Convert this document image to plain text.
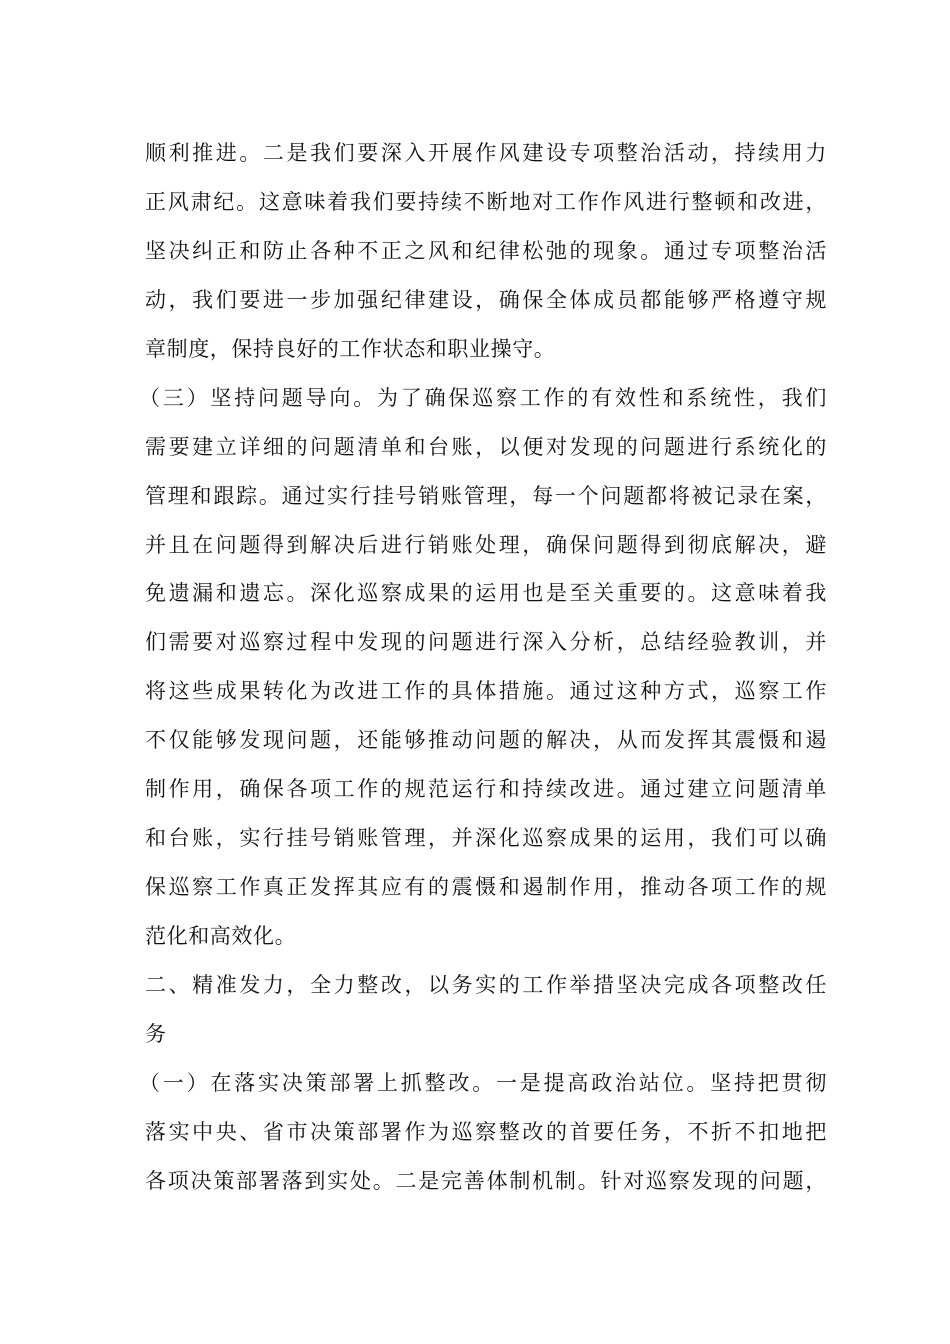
顺利推进。二是我们要深入开展作风建设专项整治活动，持续用力
正风肃纪。这意味着我们要持续不断地对工作作风进行整顿和改进，
坚决纠正和防止各种不正之风和纪律松弛的现象。通过专项整治活
动，我们要进一步加强纪律建设，确保全体成员都能够严格遵守规
章制度，保持良好的工作状态和职业操守。
（三）坚持问题导向。为了确保巡察工作的有效性和系统性，我们
需要建立详细的问题清单和台账，以便对发现的问题进行系统化的
管理和跟踪。通过实行挂号销账管理，每一个问题都将被记录在案，
并且在问题得到解决后进行销账处理，确保问题得到彻底解决，避
免遗漏和遗忘。深化巡察成果的运用也是至关重要的。这意味着我
们需要对巡察过程中发现的问题进行深入分析，总结经验教训，并
将这些成果转化为改进工作的具体措施。通过这种方式，巡察工作
不仅能够发现问题，还能够推动问题的解决，从而发挥其震慑和遏
制作用，确保各项工作的规范运行和持续改进。通过建立问题清单
和台账，实行挂号销账管理，并深化巡察成果的运用，我们可以确
保巡察工作真正发挥其应有的震慑和遏制作用，推动各项工作的规
范化和高效化。
二、精准发力，全力整改，以务实的工作举措坚决完成各项整改任
务
（一）在落实决策部署上抓整改。一是提高政治站位。坚持把贯彻
落实中央、省市决策部署作为巡察整改的首要任务，不折不扣地把
各项决策部署落到实处。二是完善体制机制。针对巡察发现的问题，
